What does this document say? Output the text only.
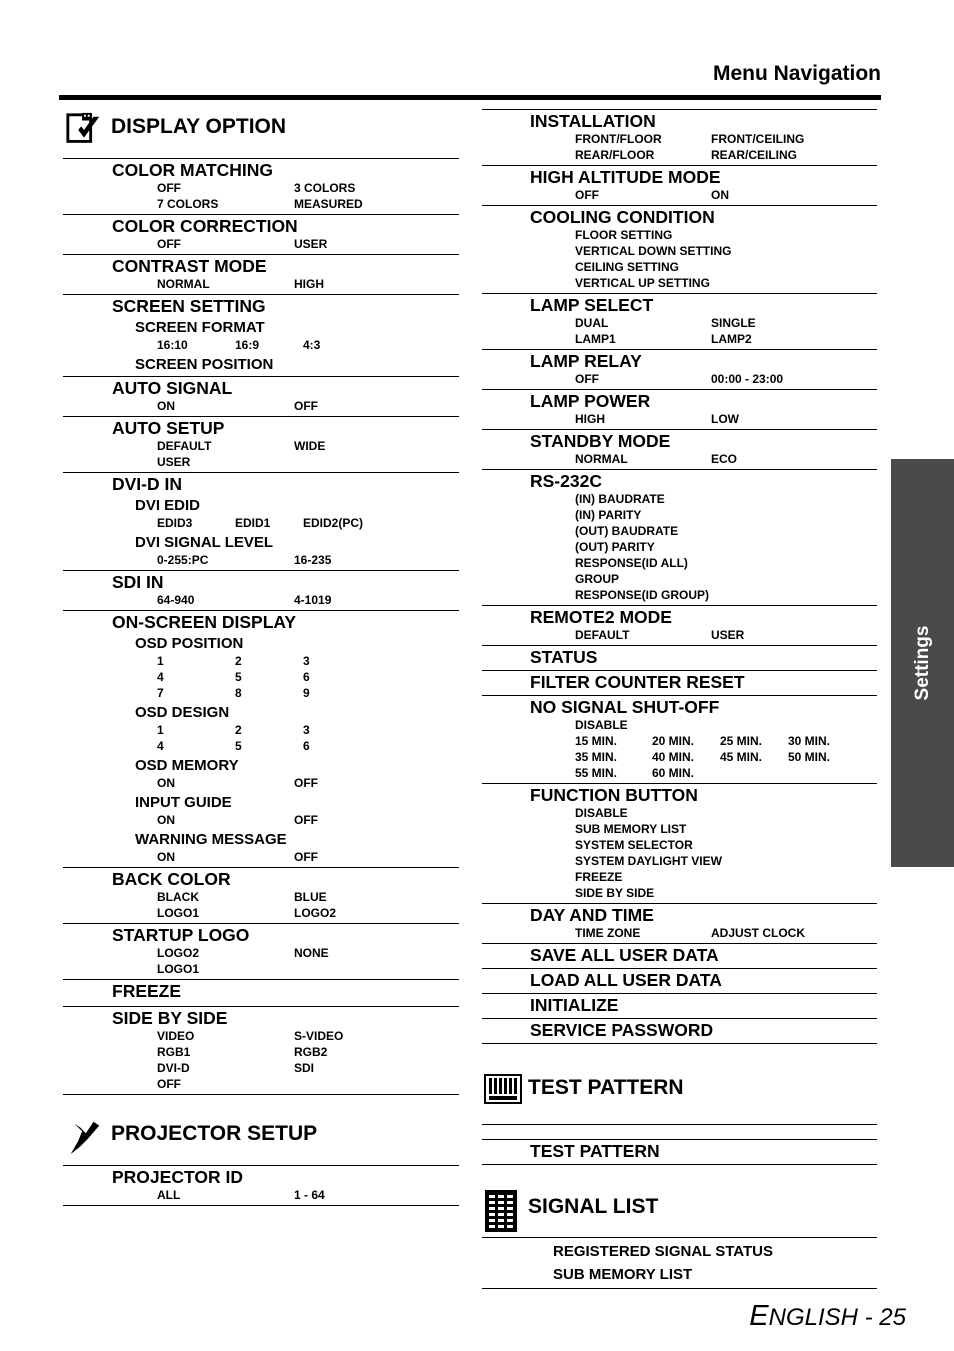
Menu Navigation
DISPLAY OPTION
COLOR MATCHING
OFF	3 COLORS
7 COLORS	MEASURED
COLOR CORRECTION
OFF	USER
CONTRAST MODE
NORMAL	HIGH
SCREEN SETTING
SCREEN FORMAT
16:10	16:9	4:3
SCREEN POSITION
AUTO SIGNAL
ON	OFF
AUTO SETUP
DEFAULT	WIDE
USER
DVI-D IN
DVI EDID
EDID3	EDID1	EDID2(PC)
DVI SIGNAL LEVEL
0-255:PC	16-235
SDI IN
64-940	4-1019
ON-SCREEN DISPLAY
OSD POSITION
1	2	3
4	5	6
7	8	9
OSD DESIGN
1	2	3
4	5	6
OSD MEMORY
ON	OFF
INPUT GUIDE
ON	OFF
WARNING MESSAGE
ON	OFF
BACK COLOR
BLACK	BLUE
LOGO1	LOGO2
STARTUP LOGO
LOGO2	NONE
LOGO1
FREEZE
SIDE BY SIDE
VIDEO	S-VIDEO
RGB1	RGB2
DVI-D	SDI
OFF
PROJECTOR SETUP
PROJECTOR ID
ALL	1 - 64
INSTALLATION
FRONT/FLOOR	FRONT/CEILING
REAR/FLOOR	REAR/CEILING
HIGH ALTITUDE MODE
OFF	ON
COOLING CONDITION
FLOOR SETTING
VERTICAL DOWN SETTING
CEILING SETTING
VERTICAL UP SETTING
LAMP SELECT
DUAL	SINGLE
LAMP1	LAMP2
LAMP RELAY
OFF	00:00 - 23:00
LAMP POWER
HIGH	LOW
STANDBY MODE
NORMAL	ECO
RS-232C
(IN) BAUDRATE
(IN) PARITY
(OUT) BAUDRATE
(OUT) PARITY
RESPONSE(ID ALL)
GROUP
RESPONSE(ID GROUP)
REMOTE2 MODE
DEFAULT	USER
STATUS
FILTER COUNTER RESET
NO SIGNAL SHUT-OFF
DISABLE
15 MIN.	20 MIN.	25 MIN.	30 MIN.
35 MIN.	40 MIN.	45 MIN.	50 MIN.
55 MIN.	60 MIN.
FUNCTION BUTTON
DISABLE
SUB MEMORY LIST
SYSTEM SELECTOR
SYSTEM DAYLIGHT VIEW
FREEZE
SIDE BY SIDE
DAY AND TIME
TIME ZONE	ADJUST CLOCK
SAVE ALL USER DATA
LOAD ALL USER DATA
INITIALIZE
SERVICE PASSWORD
TEST PATTERN
TEST PATTERN
SIGNAL LIST
REGISTERED SIGNAL STATUS
SUB MEMORY LIST
Settings
ENGLISH - 25
